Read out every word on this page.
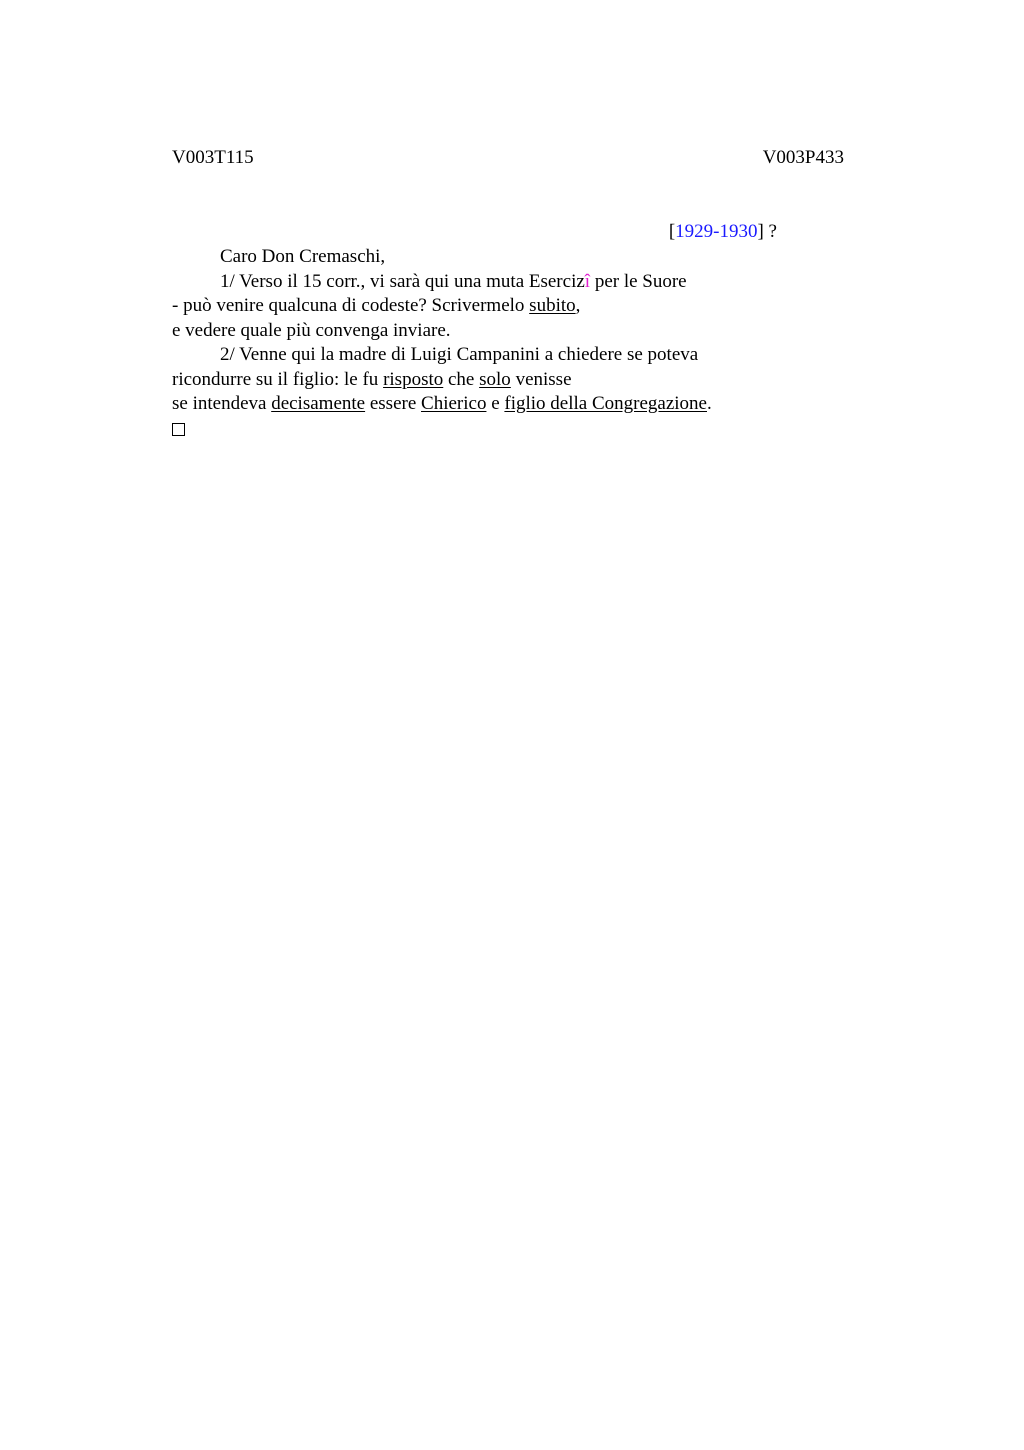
V003T115	V003P433
[1929-1930] ?
Caro Don Cremaschi,
1/ Verso il 15 corr., vi sarà qui una muta Esercizî per le Suore
- può venire qualcuna di codeste? Scrivermelo subito,
e vedere quale più convenga inviare.
2/ Venne qui la madre di Luigi Campanini a chiedere se poteva
ricondurre su il figlio: le fu risposto che solo venisse
se intendeva decisamente essere Chierico e figlio della Congregazione.
